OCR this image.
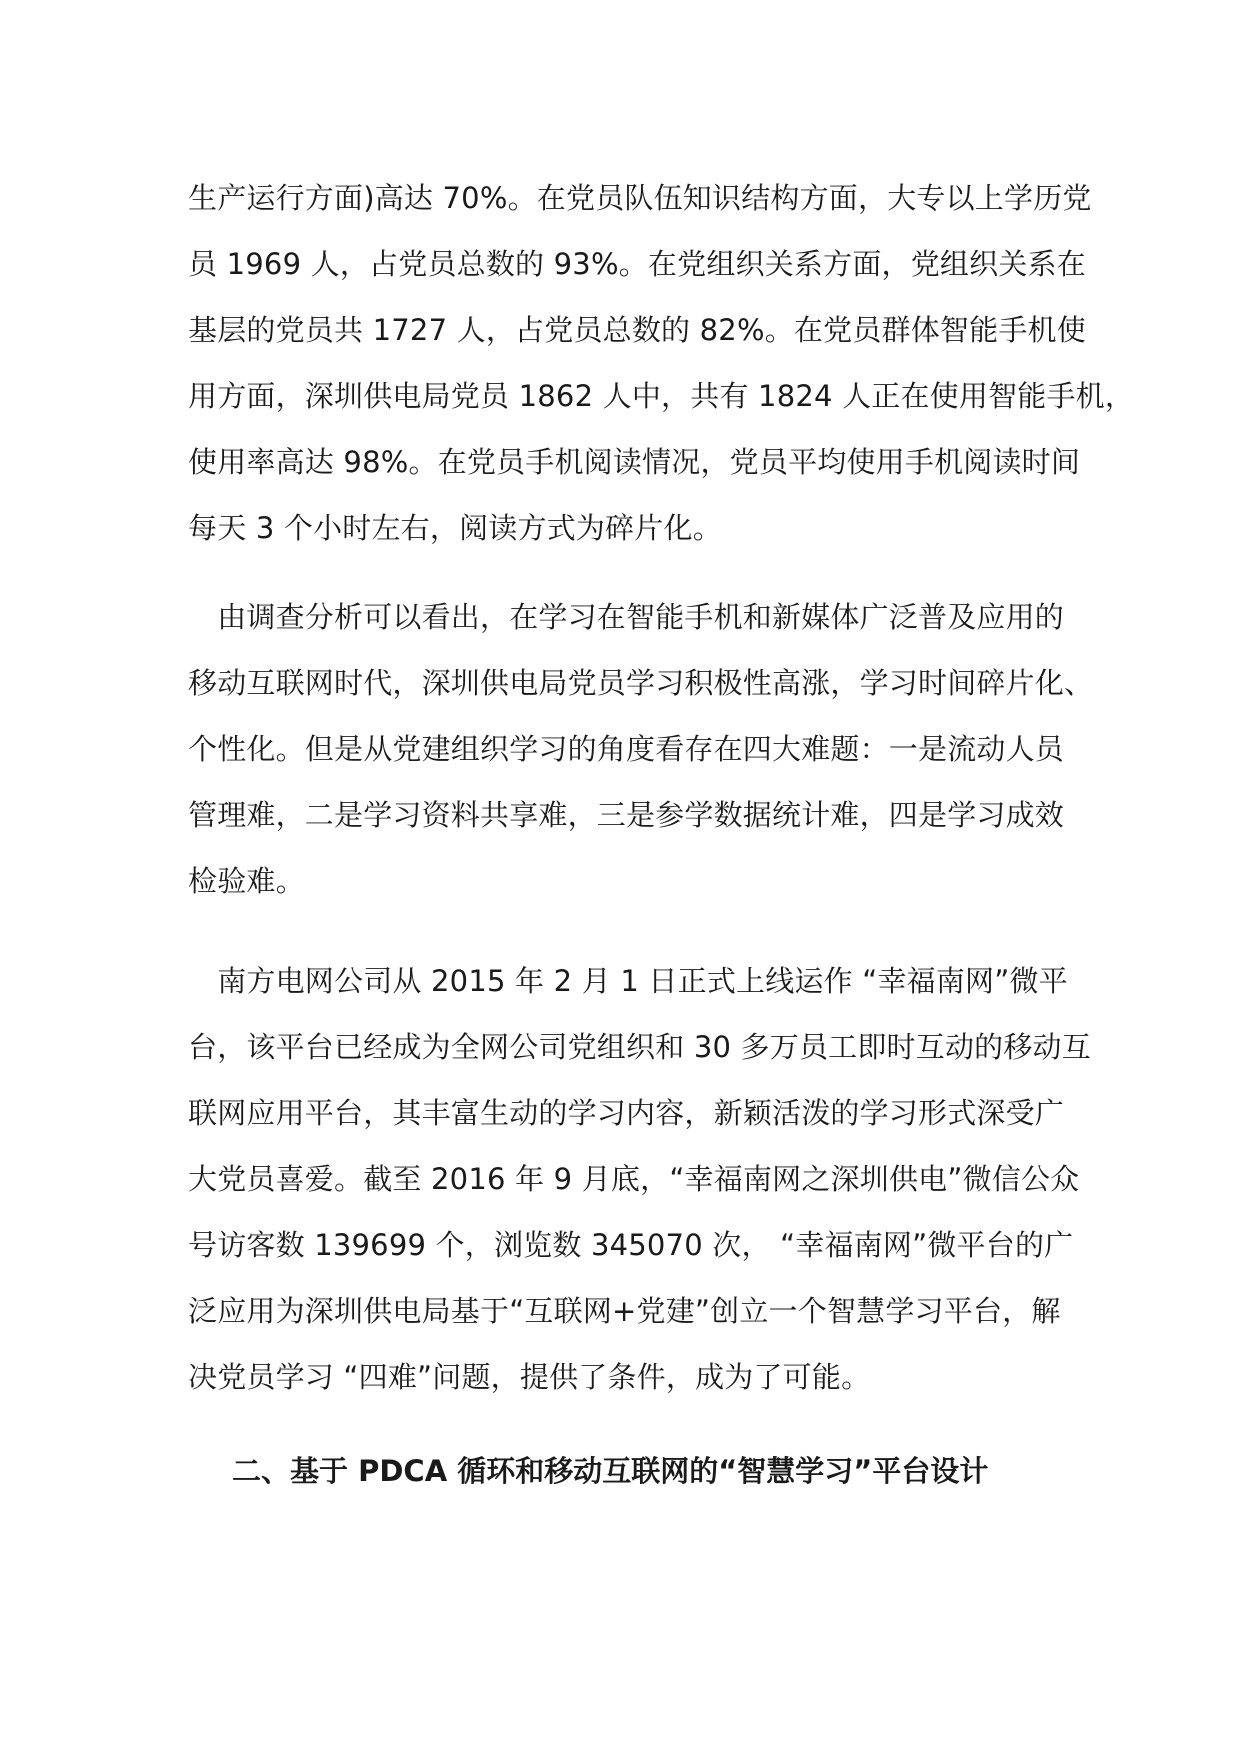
生产运行方面)高达 70%。在党员队伍知识结构方面，大专以上学历党
员 1969 人，占党员总数的 93%。在党组织关系方面，党组织关系在
基层的党员共 1727 人，占党员总数的 82%。在党员群体智能手机使
用方面，深圳供电局党员 1862 人中，共有 1824 人正在使用智能手机，
使用率高达 98%。在党员手机阅读情况，党员平均使用手机阅读时间
每天 3 个小时左右，阅读方式为碎片化。
　由调查分析可以看出，在学习在智能手机和新媒体广泛普及应用的
移动互联网时代，深圳供电局党员学习积极性高涨，学习时间碎片化、
个性化。但是从党建组织学习的角度看存在四大难题：一是流动人员
管理难，二是学习资料共享难，三是参学数据统计难，四是学习成效
检验难。
　南方电网公司从 2015 年 2 月 1 日正式上线运作 “幸福南网”微平
台，该平台已经成为全网公司党组织和 30 多万员工即时互动的移动互
联网应用平台，其丰富生动的学习内容，新颖活泼的学习形式深受广
大党员喜爱。截至 2016 年 9 月底，“幸福南网之深圳供电”微信公众
号访客数 139699 个，浏览数 345070 次， “幸福南网”微平台的广
泛应用为深圳供电局基于“互联网+党建”创立一个智慧学习平台，解
决党员学习 “四难”问题，提供了条件，成为了可能。
二、基于 PDCA 循环和移动互联网的“智慧学习”平台设计
